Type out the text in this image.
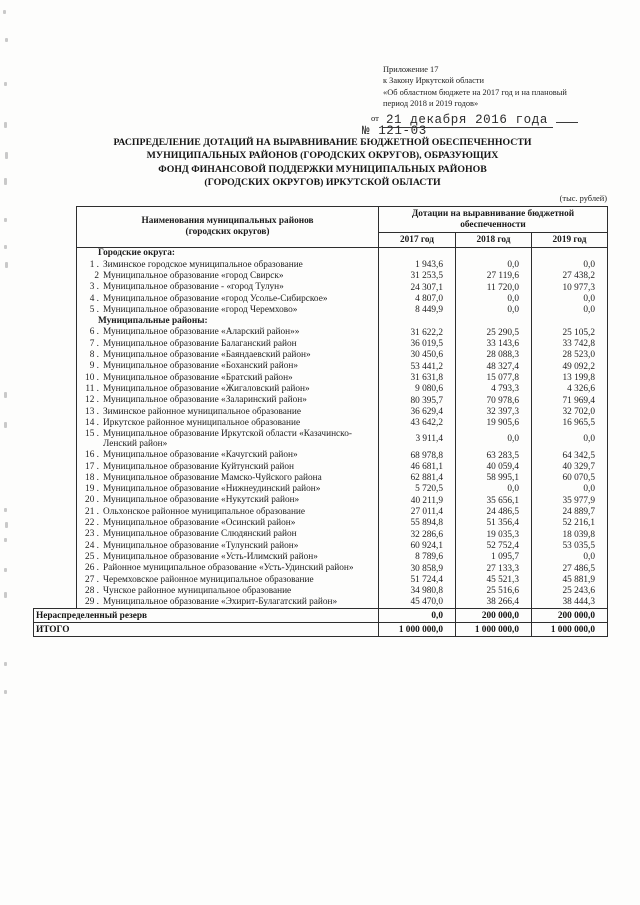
Приложение 17
к Закону Иркутской области
«Об областном бюджете на 2017 год и на плановый
период 2018 и 2019 годов»
от 21 декабря 2016 года
№ 121-03
РАСПРЕДЕЛЕНИЕ ДОТАЦИЙ НА ВЫРАВНИВАНИЕ БЮДЖЕТНОЙ ОБЕСПЕЧЕННОСТИ
МУНИЦИПАЛЬНЫХ РАЙОНОВ (ГОРОДСКИХ ОКРУГОВ), ОБРАЗУЮЩИХ
ФОНД ФИНАНСОВОЙ ПОДДЕРЖКИ МУНИЦИПАЛЬНЫХ РАЙОНОВ
(ГОРОДСКИХ ОКРУГОВ) ИРКУТСКОЙ ОБЛАСТИ
(тыс. рублей)
Наименования муниципальных районов
(городских округов)

Дотации на выравнивание бюджетной
обеспеченности

	2017 год	2018 год	2019 год

Городские округа:			

1 . Зиминское городское муниципальное образование	1 943,6	0,0	0,0

2 Муниципальное образование «город Свирск»	31 253,5	27 119,6	27 438,2

3 . Муниципальное образование - «город Тулун»	24 307,1	11 720,0	10 977,3

4 . Муниципальное образование «город Усолье-Сибирское»	4 807,0	0,0	0,0

5 . Муниципальное образование «город Черемхово»	8 449,9	0,0	0,0

Муниципальные районы:			

6 . Муниципальное образование «Аларский район»»	31 622,2	25 290,5	25 105,2

7 . Муниципальное образование Балаганский район	36 019,5	33 143,6	33 742,8

8 . Муниципальное образование «Баяндаевский район»	30 450,6	28 088,3	28 523,0

9 . Муниципальное образование «Боханский район»	53 441,2	48 327,4	49 092,2

10 . Муниципальное образование «Братский район»	31 631,8	15 077,8	13 199,8

11 . Муниципальное образование «Жигаловский район»	9 080,6	4 793,3	4 326,6

12 . Муниципальное образование «Заларинский район»	80 395,7	70 978,6	71 969,4

13 . Зиминское районное муниципальное образование	36 629,4	32 397,3	32 702,0

14 . Иркутское районное муниципальное образование	43 642,2	19 905,6	16 965,5

15 . Муниципальное образование Иркутской области «Казачинско-Ленский район»	3 911,4	0,0	0,0

16 . Муниципальное образование «Качугский район»	68 978,8	63 283,5	64 342,5

17 . Муниципальное образование Куйтунский район	46 681,1	40 059,4	40 329,7

18 . Муниципальное образование Мамско-Чуйского района	62 881,4	58 995,1	60 070,5

19 . Муниципальное образование «Нижнеудинский район»	5 720,5	0,0	0,0

20 . Муниципальное образование «Нукутский район»	40 211,9	35 656,1	35 977,9

21 . Ольхонское районное муниципальное образование	27 011,4	24 486,5	24 889,7

22 . Муниципальное образование «Осинский район»	55 894,8	51 356,4	52 216,1

23 . Муниципальное образование Слюдянский район	32 286,6	19 035,3	18 039,8

24 . Муниципальное образование «Тулунский район»	60 924,1	52 752,4	53 035,5

25 . Муниципальное образование «Усть-Илимский район»	8 789,6	1 095,7	0,0

26 . Районное муниципальное образование «Усть-Удинский район»	30 858,9	27 133,3	27 486,5

27 . Черемховское районное муниципальное образование	51 724,4	45 521,3	45 881,9

28 . Чунское районное муниципальное образование	34 980,8	25 516,6	25 243,6

29 . Муниципальное образование «Эхирит-Булагатский район»	45 470,0	38 266,4	38 444,3
Нераспределенный резерв	0,0	200 000,0	200 000,0
ИТОГО	1 000 000,0	1 000 000,0	1 000 000,0
